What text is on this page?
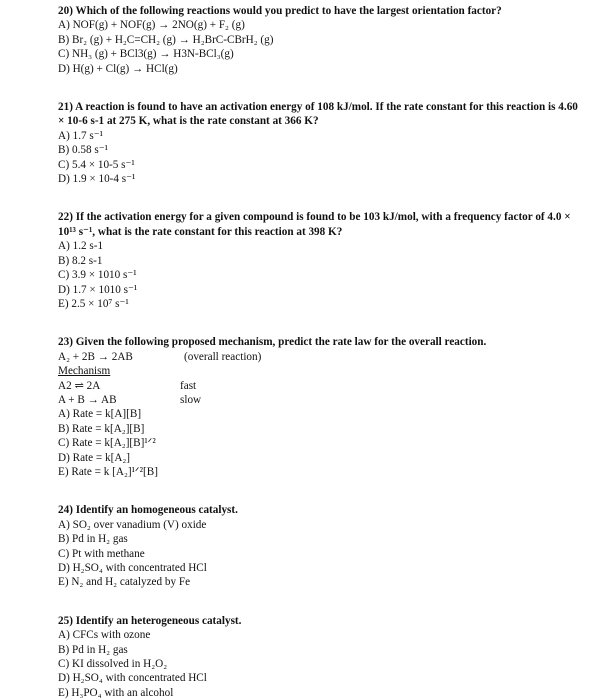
20) Which of the following reactions would you predict to have the largest orientation factor?

A) NOF(g) + NOF(g) → 2NO(g) + F₂ (g)

B) Br₂ (g) + H₂C=CH₂ (g) → H₂BrC-CBrH₂ (g)

C) NH₃ (g) + BCl3(g) → H3N-BCl₃(g)

D) H(g) + Cl(g) → HCl(g)

21) A reaction is found to have an activation energy of 108 kJ/mol. If the rate constant for this reaction is 4.60 × 10-6 s-1 at 275 K, what is the rate constant at 366 K?

A) 1.7 s⁻¹

B) 0.58 s⁻¹

C) 5.4 × 10-5 s⁻¹

D) 1.9 × 10-4 s⁻¹

22) If the activation energy for a given compound is found to be 103 kJ/mol, with a frequency factor of 4.0 × 10¹³ s⁻¹, what is the rate constant for this reaction at 398 K?

A) 1.2 s-1

B) 8.2 s-1

C) 3.9 × 1010 s⁻¹

D) 1.7 × 1010 s⁻¹

E) 2.5 × 10⁷ s⁻¹

23) Given the following proposed mechanism, predict the rate law for the overall reaction.

A₂ + 2B → 2AB	(overall reaction)

Mechanism

A2 ⇌ 2A	fast
A + B → AB	slow

A) Rate = k[A][B]

B) Rate = k[A₂][B]

C) Rate = k[A₂][B]¹ᐟ²

D) Rate = k[A₂]

E) Rate = k [A₂]¹ᐟ²[B]

24) Identify an homogeneous catalyst.

A) SO₂ over vanadium (V) oxide

B) Pd in H₂ gas

C) Pt with methane

D) H₂SO₄ with concentrated HCl

E) N₂ and H₂ catalyzed by Fe

25) Identify an heterogeneous catalyst.

A) CFCs with ozone

B) Pd in H₂ gas

C) KI dissolved in H₂O₂

D) H₂SO₄ with concentrated HCl

E) H₃PO₄ with an alcohol
